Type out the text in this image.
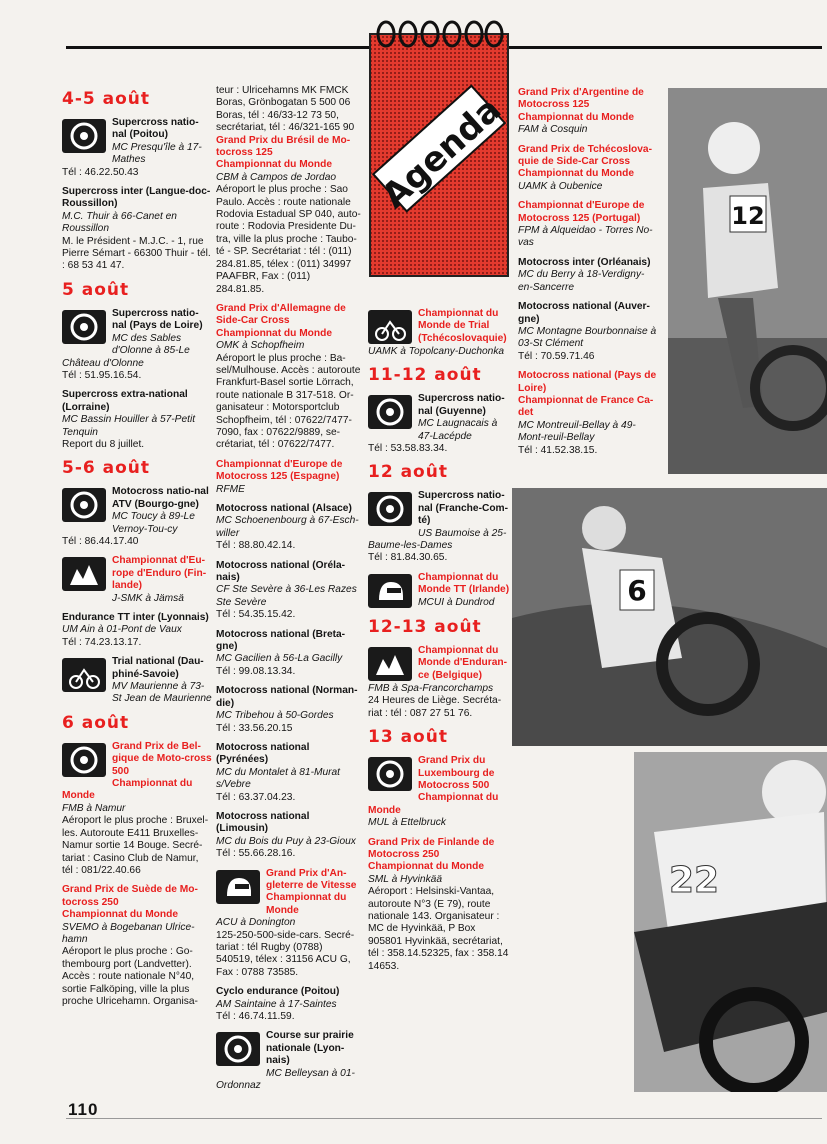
Agenda
4-5 août

Supercross natio-nal (Poitou)

MC Presqu'île à 17-Mathes

Tél : 46.22.50.43

Supercross inter (Langue-doc-Roussillon)

M.C. Thuir à 66-Canet en Roussillon

M. le Président - M.J.C. - 1, rue Pierre Sémart - 66300 Thuir - tél. : 68 53 41 47.

5 août

Supercross natio-nal (Pays de Loire)

MC des Sables d'Olonne à 85-Le Château d'Olonne

Tél : 51.95.16.54.

Supercross extra-national (Lorraine)

MC Bassin Houiller à 57-Petit Tenquin

Report du 8 juillet.

5-6 août

Motocross natio-nal ATV (Bourgo-gne)

MC Toucy à 89-Le Vernoy-Tou-cy

Tél : 86.44.17.40

Championnat d'Eu-rope d'Enduro (Fin-lande)

J-SMK à Jämsä

Endurance TT inter (Lyonnais)

UM Ain à 01-Pont de Vaux

Tél : 74.23.13.17.

Trial national (Dau-phiné-Savoie)

MV Maurienne à 73-St Jean de Maurienne

6 août

Grand Prix de Bel-gique de Moto-cross 500

Championnat du Monde

FMB à Namur

Aéroport le plus proche : Bruxel-les. Autoroute E411 Bruxelles-Namur sortie 14 Bouge. Secré-tariat : Casino Club de Namur, tél : 081/22.40.66

Grand Prix de Suède de Mo-tocross 250

Championnat du Monde

SVEMO à Bogebanan Ulrice-hamn

Aéroport le plus proche : Go-thembourg port (Landvetter). Accès : route nationale N°40, sortie Falköping, ville la plus proche Ulricehamn. Organisa-

teur : Ulricehamns MK FMCK Boras, Grönbogatan 5 500 06 Boras, tél : 46/33-12 73 50, secrétariat, tél : 46/321-165 90

Grand Prix du Brésil de Mo-tocross 125

Championnat du Monde

CBM à Campos de Jordao

Aéroport le plus proche : Sao Paulo. Accès : route nationale Rodovia Estadual SP 040, auto-route : Rodovia Presidente Du-tra, ville la plus proche : Taubo-té - SP. Secrétariat : tél : (011) 284.81.85, télex : (011) 34997 PAAFBR, Fax : (011) 284.81.85.

Grand Prix d'Allemagne de Side-Car Cross

Championnat du Monde

OMK à Schopfheim

Aéroport le plus proche : Ba-sel/Mulhouse. Accès : autoroute Frankfurt-Basel sortie Lörrach, route nationale B 317-518. Or-ganisateur : Motorsportclub Schopfheim, tél : 07622/7477-7090, fax : 07622/9889, se-crétariat, tél : 07622/7477.

Championnat d'Europe de Motocross 125 (Espagne)

RFME

Motocross national (Alsace)

MC Schoenenbourg à 67-Esch-willer

Tél : 88.80.42.14.

Motocross national (Oréla-nais)

CF Ste Sevère à 36-Les Razes Ste Sevère

Tél : 54.35.15.42.

Motocross national (Breta-gne)

MC Gacilien à 56-La Gacilly

Tél : 99.08.13.34.

Motocross national (Norman-die)

MC Tribehou à 50-Gordes

Tél : 33.56.20.15

Motocross national (Pyrénées)

MC du Montalet à 81-Murat s/Vebre

Tél : 63.37.04.23.

Motocross national (Limousin)

MC du Bois du Puy à 23-Gioux

Tél : 55.66.28.16.

Grand Prix d'An-gleterre de Vitesse Championnat du Monde

ACU à Donington

125-250-500-side-cars. Secré-tariat : tél Rugby (0788) 540519, télex : 31156 ACU G, Fax : 0788 73585.

Cyclo endurance (Poitou)

AM Saintaine à 17-Saintes

Tél : 46.74.11.59.

Course sur prairie nationale (Lyon-nais)

MC Belleysan à 01-Ordonnaz

Championnat du Monde de Trial (Tchécoslovaquie)

UAMK à Topolcany-Duchonka

11-12 août

Supercross natio-nal (Guyenne)

MC Laugnacais à 47-Lacépde

Tél : 53.58.83.34.

12 août

Supercross natio-nal (Franche-Com-té)

US Baumoise à 25-Baume-les-Dames

Tél : 81.84.30.65.

Championnat du Monde TT (Irlande)

MCUI à Dundrod

12-13 août

Championnat du Monde d'Enduran-ce (Belgique)

FMB à Spa-Francorchamps

24 Heures de Liège. Secréta-riat : tél : 087 27 51 76.

13 août

Grand Prix du Luxembourg de Motocross 500

Championnat du Monde

MUL à Ettelbruck

Grand Prix de Finlande de Motocross 250

Championnat du Monde

SML à Hyvinkää

Aéroport : Helsinski-Vantaa, autoroute N°3 (E 79), route nationale 143. Organisateur : MC de Hyvinkää, P Box 905801 Hyvinkää, secrétariat, tél : 358.14.52325, fax : 358.14 14653.

Grand Prix d'Argentine de Motocross 125

Championnat du Monde

FAM à Cosquin

Grand Prix de Tchécoslova-quie de Side-Car Cross

Championnat du Monde

UAMK à Oubenice

Championnat d'Europe de Motocross 125 (Portugal)

FPM à Alqueidao - Torres No-vas

Motocross inter (Orléanais)

MC du Berry à 18-Verdigny-en-Sancerre

Motocross national (Auver-gne)

MC Montagne Bourbonnaise à 03-St Clément

Tél : 70.59.71.46

Motocross national (Pays de Loire)

Championnat de France Ca-det

MC Montreuil-Bellay à 49-Mont-reuil-Bellay

Tél : 41.52.38.15.

12
6
22
110
